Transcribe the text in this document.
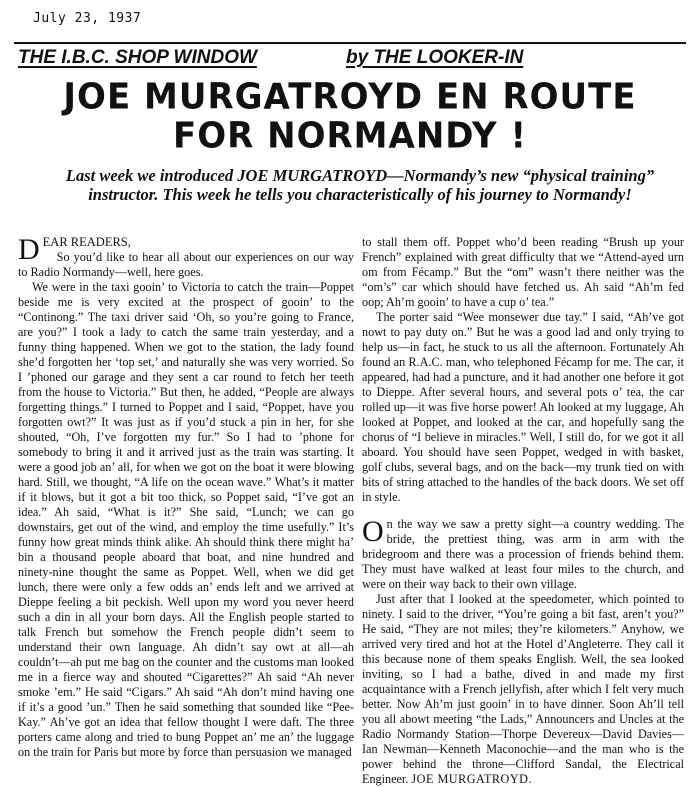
July 23, 1937
THE I.B.C. SHOP WINDOW	by THE LOOKER-IN
JOE MURGATROYD EN ROUTE
FOR NORMANDY !
Last week we introduced JOE MURGATROYD—Normandy’s new “physical training” instructor. This week he tells you characteristically of his journey to Normandy!

DEAR READERS,

So you’d like to hear all about our experiences on our way to Radio Normandy—well, here goes.

We were in the taxi gooin’ to Victoria to catch the train—Poppet beside me is very excited at the prospect of gooin’ to the “Continong.” The taxi driver said ‘Oh, so you’re going to France, are you?” I took a lady to catch the same train yesterday, and a funny thing happened. When we got to the station, the lady found she’d forgotten her ‘top set,’ and naturally she was very worried. So I ’phoned our garage and they sent a car round to fetch her teeth from the house to Victoria.” But then, he added, “People are always forgetting things.” I turned to Poppet and I said, “Poppet, have you forgotten owt?” It was just as if you’d stuck a pin in her, for she shouted, “Oh, I’ve forgotten my fur.” So I had to ’phone for somebody to bring it and it arrived just as the train was starting. It were a good job an’ all, for when we got on the boat it were blowing hard. Still, we thought, “A life on the ocean wave.” What’s it matter if it blows, but it got a bit too thick, so Poppet said, “I’ve got an idea.” Ah said, “What is it?” She said, “Lunch; we can go downstairs, get out of the wind, and employ the time usefully.” It’s funny how great minds think alike. Ah should think there might ha’ bin a thousand people aboard that boat, and nine hundred and ninety-nine thought the same as Poppet. Well, when we did get lunch, there were only a few odds an’ ends left and we arrived at Dieppe feeling a bit peckish. Well upon my word you never heerd such a din in all your born days. All the English people started to talk French but somehow the French people didn’t seem to understand their own language. Ah didn’t say owt at all—ah couldn’t—ah put me bag on the counter and the customs man looked me in a fierce way and shouted “Cigarettes?” Ah said “Ah never smoke ’em.” He said “Cigars.” Ah said “Ah don’t mind having one if it’s a good ’un.” Then he said something that sounded like “Pee-Kay.” Ah’ve got an idea that fellow thought I were daft. The three porters came along and tried to bung Poppet an’ me an’ the luggage on the train for Paris but more by force than persuasion we managed

to stall them off. Poppet who’d been reading “Brush up your French” explained with great difficulty that we “Attend-ayed urn om from Fécamp.” But the “om” wasn’t there neither was the “om’s” car which should have fetched us. Ah said “Ah’m fed oop; Ah’m gooin’ to have a cup o’ tea.”

The porter said “Wee monsewer due tay.” I said, “Ah’ve got nowt to pay duty on.” But he was a good lad and only trying to help us—in fact, he stuck to us all the afternoon. Fortunately Ah found an R.A.C. man, who telephoned Fécamp for me. The car, it appeared, had had a puncture, and it had another one before it got to Dieppe. After several hours, and several pots o’ tea, the car rolled up—it was five horse power! Ah looked at my luggage, Ah looked at Poppet, and looked at the car, and hopefully sang the chorus of “I believe in miracles.” Well, I still do, for we got it all aboard. You should have seen Poppet, wedged in with basket, golf clubs, several bags, and on the back—my trunk tied on with bits of string attached to the handles of the back doors. We set off in style.

On the way we saw a pretty sight—a country wedding. The bride, the prettiest thing, was arm in arm with the bridegroom and there was a procession of friends behind them. They must have walked at least four miles to the church, and were on their way back to their own village.

Just after that I looked at the speedometer, which pointed to ninety. I said to the driver, “You’re going a bit fast, aren’t you?” He said, “They are not miles; they’re kilometers.” Anyhow, we arrived very tired and hot at the Hotel d’Angleterre. They call it this because none of them speaks English. Well, the sea looked inviting, so I had a bathe, dived in and made my first acquaintance with a French jellyfish, after which I felt very much better. Now Ah’m just gooin’ in to have dinner. Soon Ah’ll tell you all abowt meeting “the Lads,” Announcers and Uncles at the Radio Normandy Station—Thorpe Devereux—David Davies—Ian Newman—Kenneth Maconochie—and the man who is the power behind the throne—Clifford Sandal, the Electrical Engineer. JOE MURGATROYD.
